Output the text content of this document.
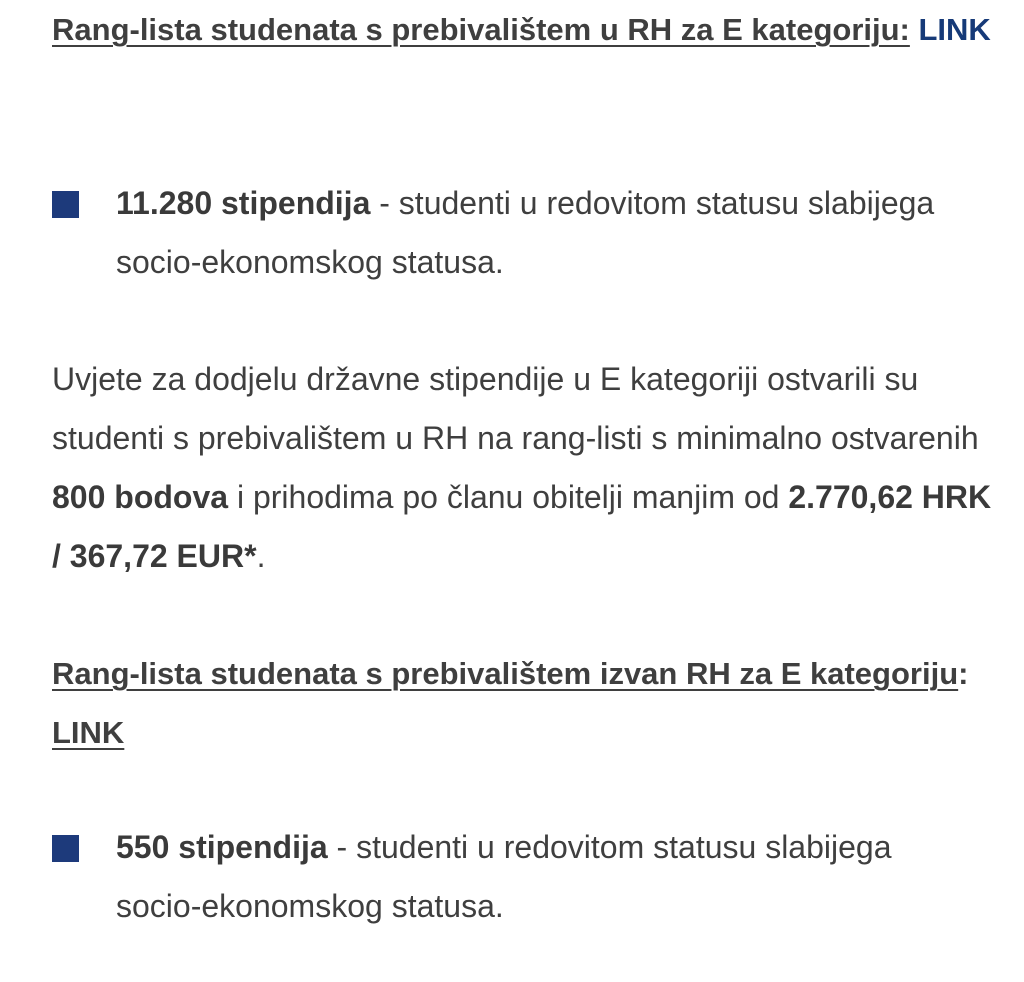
Rang-lista studenata s prebivalištem u RH za E kategoriju: LINK

11.280 stipendija - studenti u redovitom statusu slabijega socio-ekonomskog statusa.
Uvjete za dodjelu državne stipendije u E kategoriji ostvarili su studenti s prebivalištem u RH na rang-listi s minimalno ostvarenih 800 bodova i prihodima po članu obitelji manjim od 2.770,62 HRK / 367,72 EUR*.

Rang-lista studenata s prebivalištem izvan RH za E kategoriju: LINK

550 stipendija - studenti u redovitom statusu slabijega socio-ekonomskog statusa.
